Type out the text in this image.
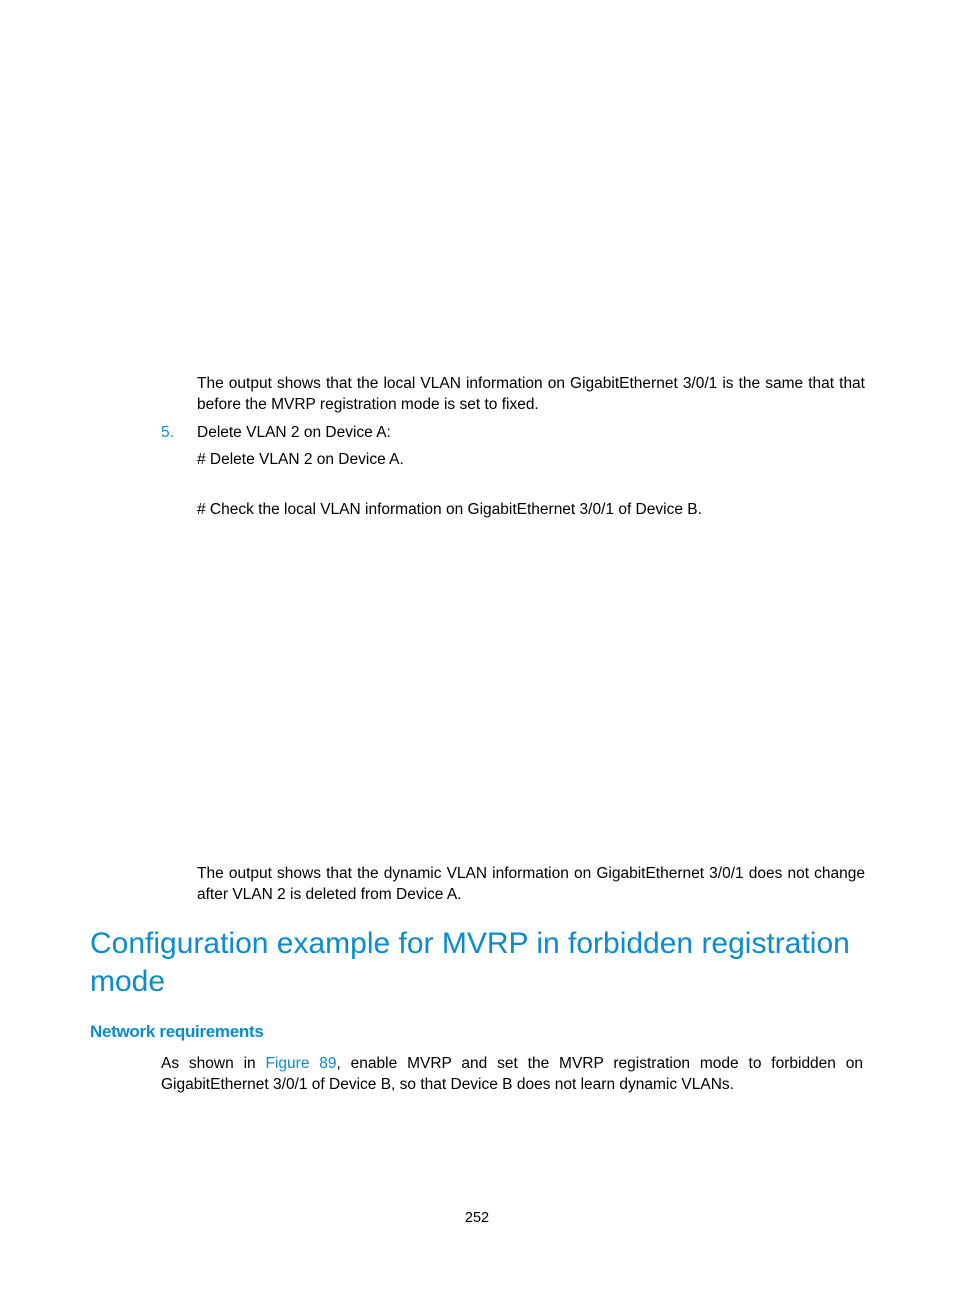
The output shows that the local VLAN information on GigabitEthernet 3/0/1 is the same that that before the MVRP registration mode is set to fixed.

5. Delete VLAN 2 on Device A:

# Delete VLAN 2 on Device A.

# Check the local VLAN information on GigabitEthernet 3/0/1 of Device B.

The output shows that the dynamic VLAN information on GigabitEthernet 3/0/1 does not change after VLAN 2 is deleted from Device A.

Configuration example for MVRP in forbidden registration mode
Network requirements

As shown in Figure 89, enable MVRP and set the MVRP registration mode to forbidden on GigabitEthernet 3/0/1 of Device B, so that Device B does not learn dynamic VLANs.

252
